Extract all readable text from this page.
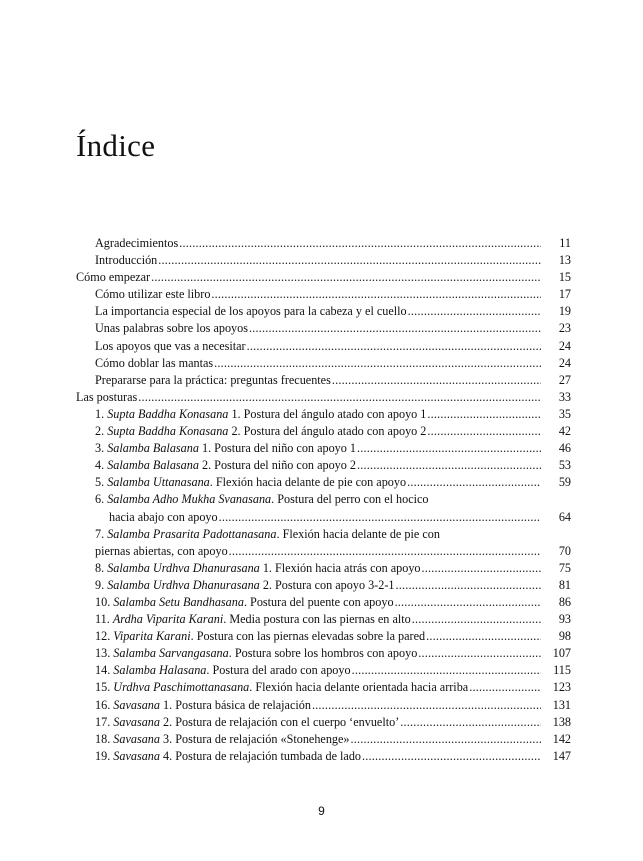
Índice
Agradecimientos .....	11
Introducción .....	13
Cómo empezar .....	15
Cómo utilizar este libro .....	17
La importancia especial de los apoyos para la cabeza y el cuello .....	19
Unas palabras sobre los apoyos .....	23
Los apoyos que vas a necesitar .....	24
Cómo doblar las mantas .....	24
Prepararse para la práctica: preguntas frecuentes .....	27
Las posturas .....	33
1. Supta Baddha Konasana 1. Postura del ángulo atado con apoyo 1 .....	35
2. Supta Baddha Konasana 2. Postura del ángulo atado con apoyo 2 .....	42
3. Salamba Balasana 1. Postura del niño con apoyo 1 .....	46
4. Salamba Balasana 2. Postura del niño con apoyo 2 .....	53
5. Salamba Uttanasana. Flexión hacia delante de pie con apoyo .....	59
6. Salamba Adho Mukha Svanasana. Postura del perro con el hocico
hacia abajo con apoyo .....	64
7. Salamba Prasarita Padottanasana. Flexión hacia delante de pie con
piernas abiertas, con apoyo .....	70
8. Salamba Urdhva Dhanurasana 1. Flexión hacia atrás con apoyo .....	75
9. Salamba Urdhva Dhanurasana 2. Postura con apoyo 3-2-1 .....	81
10. Salamba Setu Bandhasana. Postura del puente con apoyo .....	86
11. Ardha Viparita Karani. Media postura con las piernas en alto .....	93
12. Viparita Karani. Postura con las piernas elevadas sobre la pared .....	98
13. Salamba Sarvangasana. Postura sobre los hombros con apoyo .....	107
14. Salamba Halasana. Postura del arado con apoyo .....	115
15. Urdhva Paschimottanasana. Flexión hacia delante orientada hacia arriba .....	123
16. Savasana 1. Postura básica de relajación .....	131
17. Savasana 2. Postura de relajación con el cuerpo ‘envuelto’ .....	138
18. Savasana 3. Postura de relajación «Stonehenge» .....	142
19. Savasana 4. Postura de relajación tumbada de lado .....	147
9
